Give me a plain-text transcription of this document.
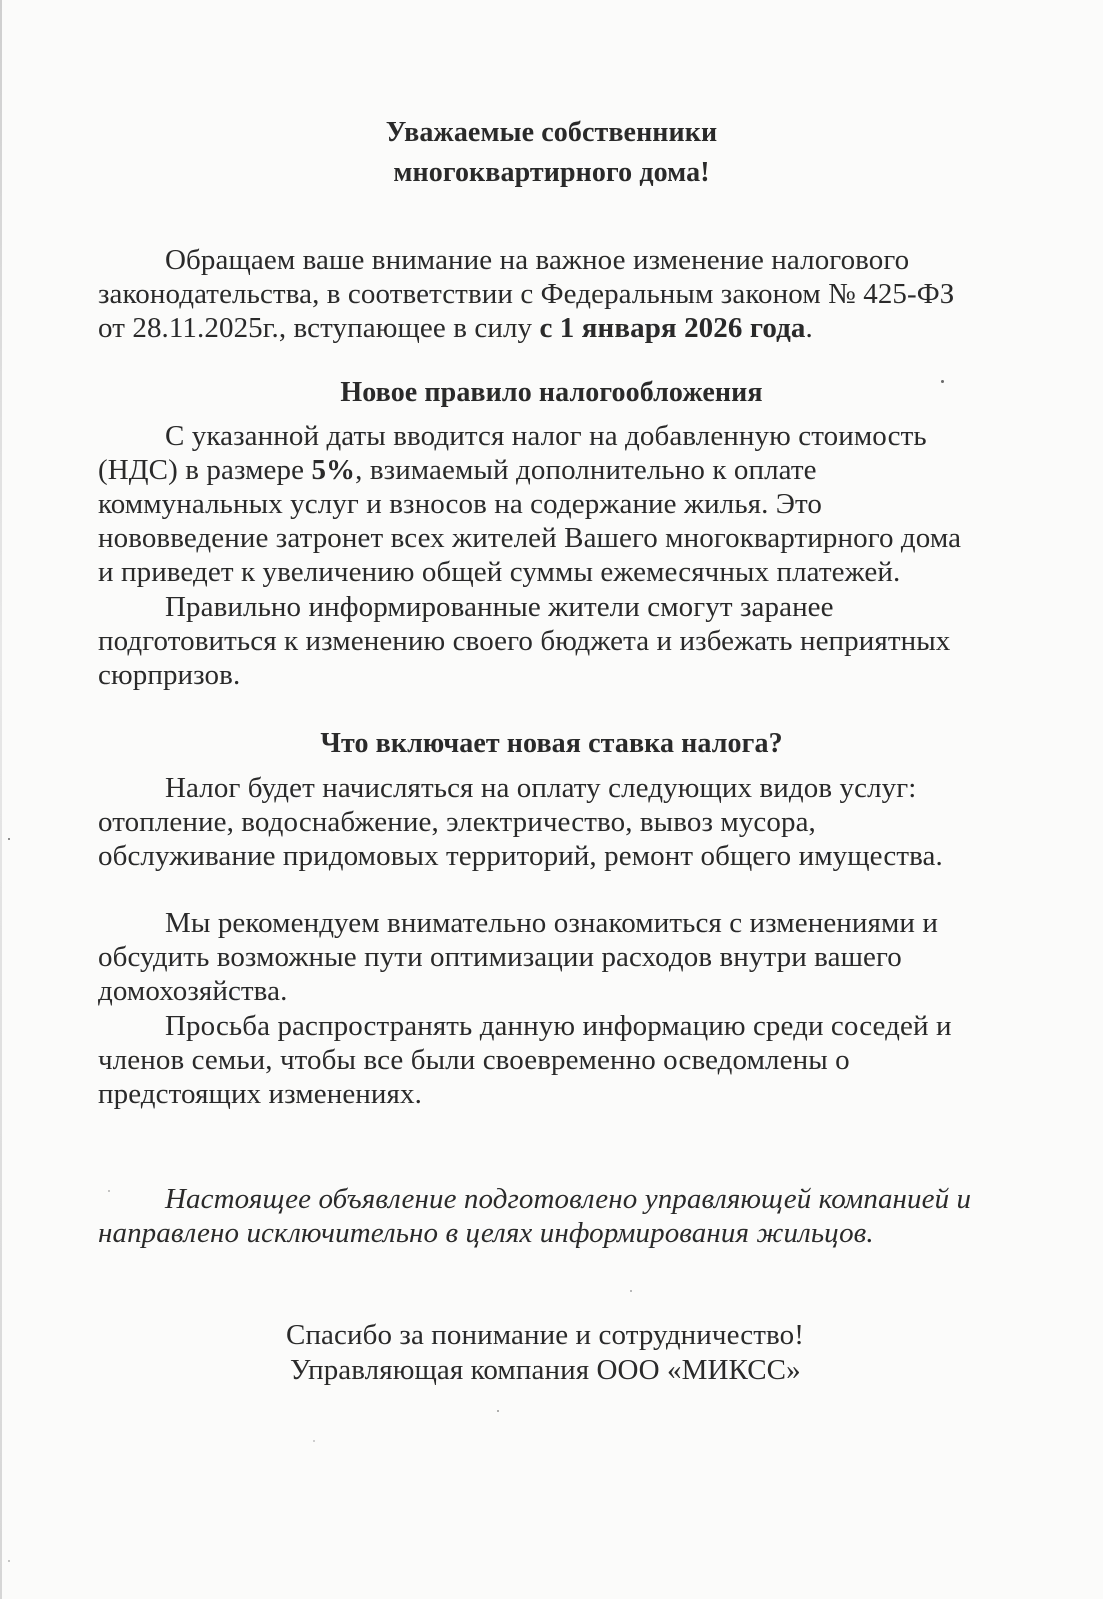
Уважаемые собственники
многоквартирного дома!
Обращаем ваше внимание на важное изменение налогового
законодательства, в соответствии с Федеральным законом № 425-ФЗ
от 28.11.2025г., вступающее в силу с 1 января 2026 года.
Новое правило налогообложения
С указанной даты вводится налог на добавленную стоимость
(НДС) в размере 5%, взимаемый дополнительно к оплате
коммунальных услуг и взносов на содержание жилья. Это
нововведение затронет всех жителей Вашего многоквартирного дома
и приведет к увеличению общей суммы ежемесячных платежей.
Правильно информированные жители смогут заранее
подготовиться к изменению своего бюджета и избежать неприятных
сюрпризов.
Что включает новая ставка налога?
Налог будет начисляться на оплату следующих видов услуг:
отопление, водоснабжение, электричество, вывоз мусора,
обслуживание придомовых территорий, ремонт общего имущества.
Мы рекомендуем внимательно ознакомиться с изменениями и
обсудить возможные пути оптимизации расходов внутри вашего
домохозяйства.
Просьба распространять данную информацию среди соседей и
членов семьи, чтобы все были своевременно осведомлены о
предстоящих изменениях.
Настоящее объявление подготовлено управляющей компанией и
направлено исключительно в целях информирования жильцов.
Спасибо за понимание и сотрудничество!
Управляющая компания ООО «МИКСС»
